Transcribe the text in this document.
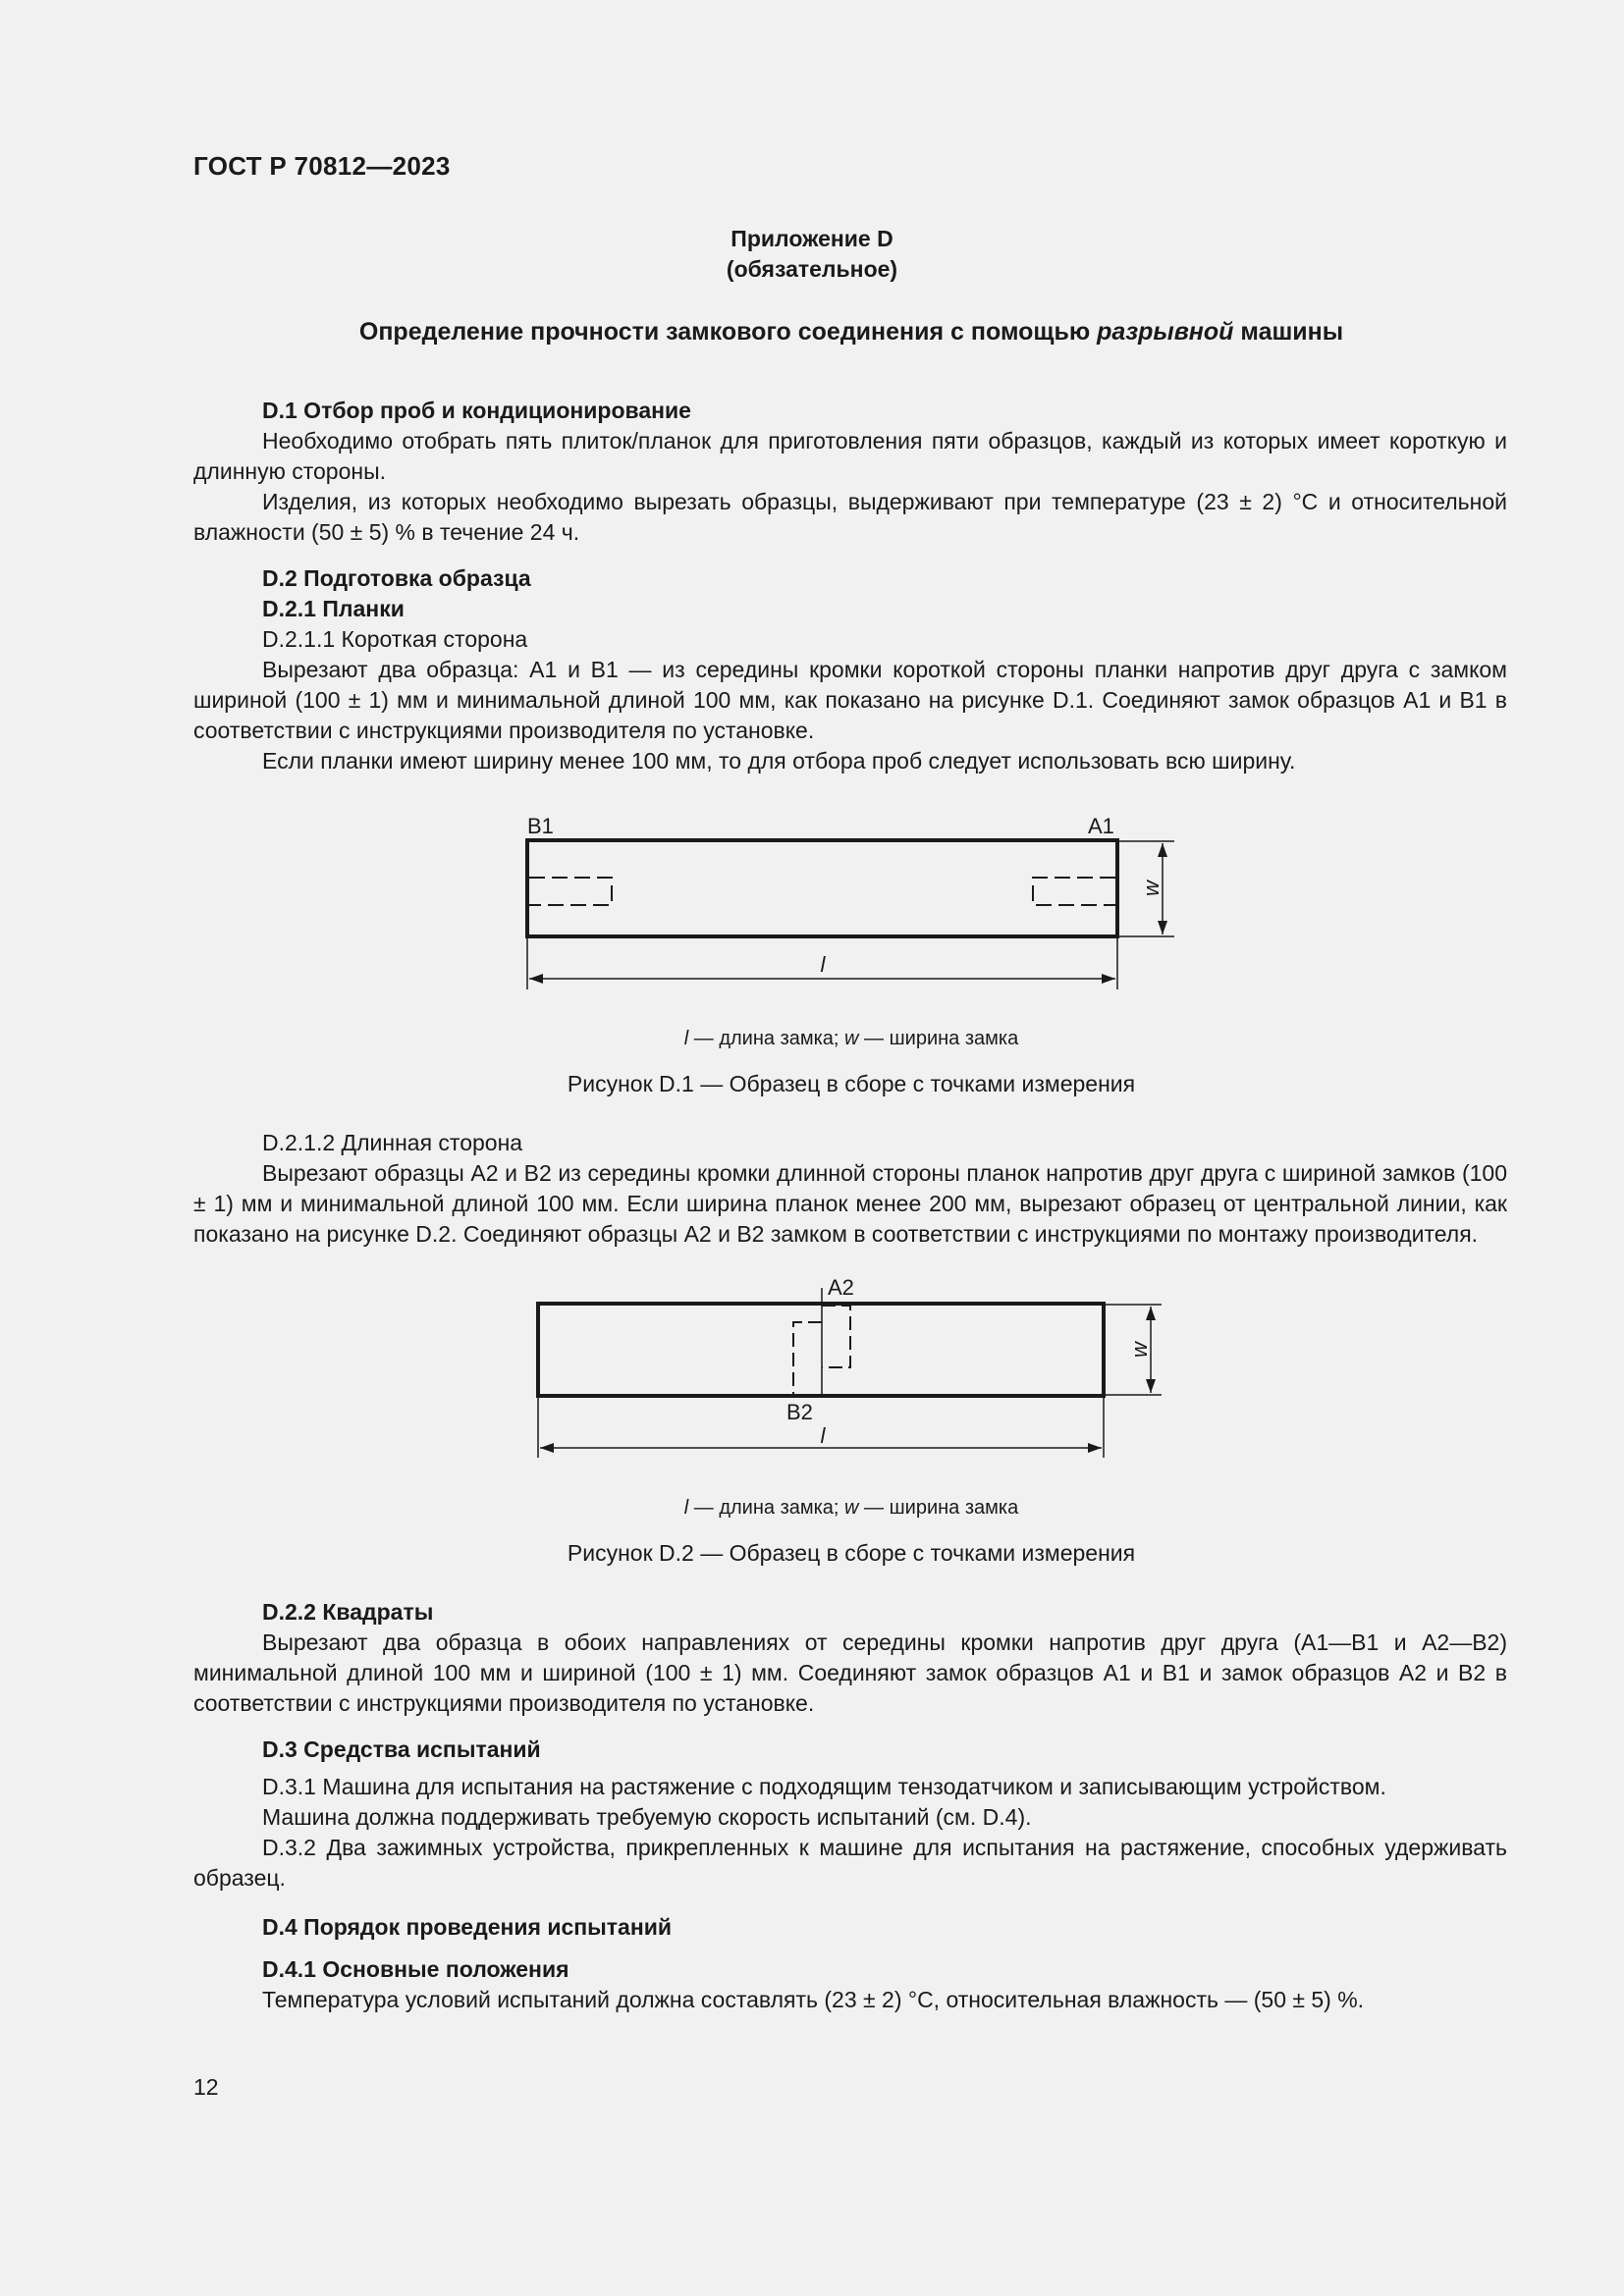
ГОСТ Р 70812—2023
Приложение D
(обязательное)
Определение прочности замкового соединения с помощью разрывной машины
D.1 Отбор проб и кондиционирование

Необходимо отобрать пять плиток/планок для приготовления пяти образцов, каждый из которых имеет короткую и длинную стороны.

Изделия, из которых необходимо вырезать образцы, выдерживают при температуре (23 ± 2) °С и относительной влажности (50 ± 5) % в течение 24 ч.

D.2 Подготовка образца
D.2.1 Планки
D.2.1.1 Короткая сторона

Вырезают два образца: А1 и В1 — из середины кромки короткой стороны планки напротив друг друга с замком шириной (100 ± 1) мм и минимальной длиной 100 мм, как показано на рисунке D.1. Соединяют замок образцов А1 и В1 в соответствии с инструкциями производителя по установке.

Если планки имеют ширину менее 100 мм, то для отбора проб следует использовать всю ширину.

В1	А1
w
l
l — длина замка; w — ширина замка
Рисунок D.1 — Образец в сборе с точками измерения
D.2.1.2 Длинная сторона

Вырезают образцы А2 и В2 из середины кромки длинной стороны планок напротив друг друга с шириной замков (100 ± 1) мм и минимальной длиной 100 мм. Если ширина планок менее 200 мм, вырезают образец от центральной линии, как показано на рисунке D.2. Соединяют образцы А2 и В2 замком в соответствии с инструкциями по монтажу производителя.

А2
В2
w
l
l — длина замка; w — ширина замка
Рисунок D.2 — Образец в сборе с точками измерения
D.2.2 Квадраты

Вырезают два образца в обоих направлениях от середины кромки напротив друг друга (А1—В1 и А2—В2) минимальной длиной 100 мм и шириной (100 ± 1) мм. Соединяют замок образцов А1 и В1 и замок образцов А2 и В2 в соответствии с инструкциями производителя по установке.

D.3 Средства испытаний

D.3.1 Машина для испытания на растяжение с подходящим тензодатчиком и записывающим устройством.

Машина должна поддерживать требуемую скорость испытаний (см. D.4).

D.3.2 Два зажимных устройства, прикрепленных к машине для испытания на растяжение, способных удерживать образец.

D.4 Порядок проведения испытаний
D.4.1 Основные положения

Температура условий испытаний должна составлять (23 ± 2) °С, относительная влажность — (50 ± 5) %.

12
